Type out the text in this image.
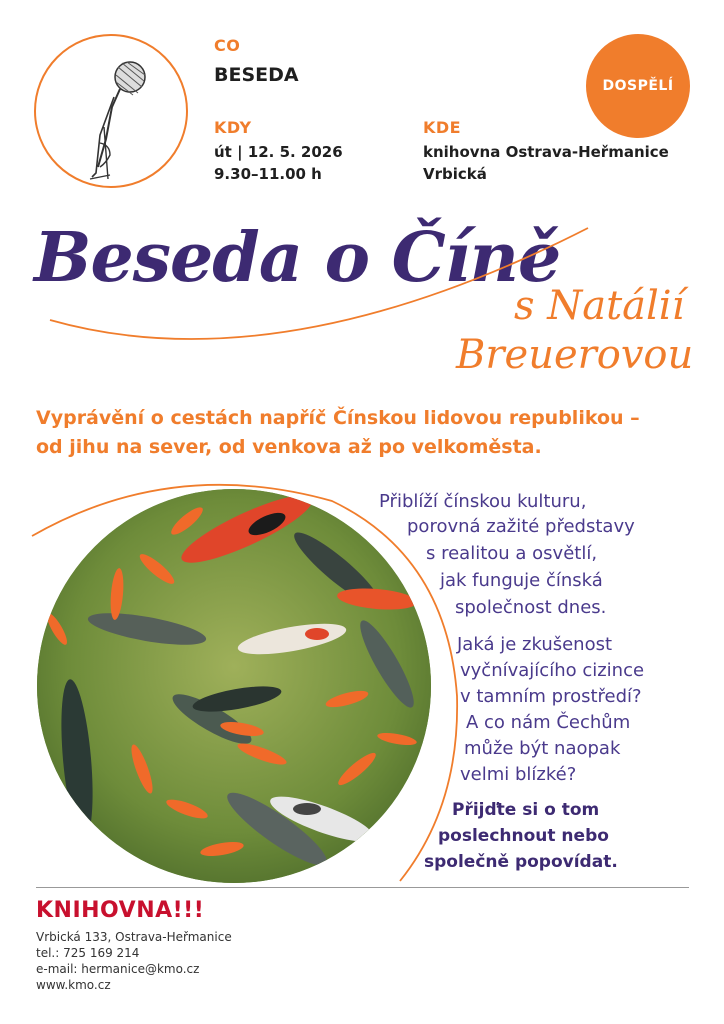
CO
BESEDA
KDY
út | 12. 5. 2026
9.30–11.00 h
KDE
knihovna Ostrava-Heřmanice
Vrbická
DOSPĚLÍ
Beseda o Číně
s Natálií
Breuerovou
Vyprávění o cestách napříč Čínskou lidovou republikou –
od jihu na sever, od venkova až po velkoměsta.
Přiblíží čínskou kulturu,
porovná zažité představy
s realitou a osvětlí,
jak funguje čínská
společnost dnes.
Jaká je zkušenost
vyčnívajícího cizince
v tamním prostředí?
A co nám Čechům
může být naopak
velmi blízké?
Přijďte si o tom
poslechnout nebo
společně popovídat.
KNIHOVNA!!!
Vrbická 133, Ostrava-Heřmanice
tel.: 725 169 214
e-mail: hermanice@kmo.cz
www.kmo.cz
